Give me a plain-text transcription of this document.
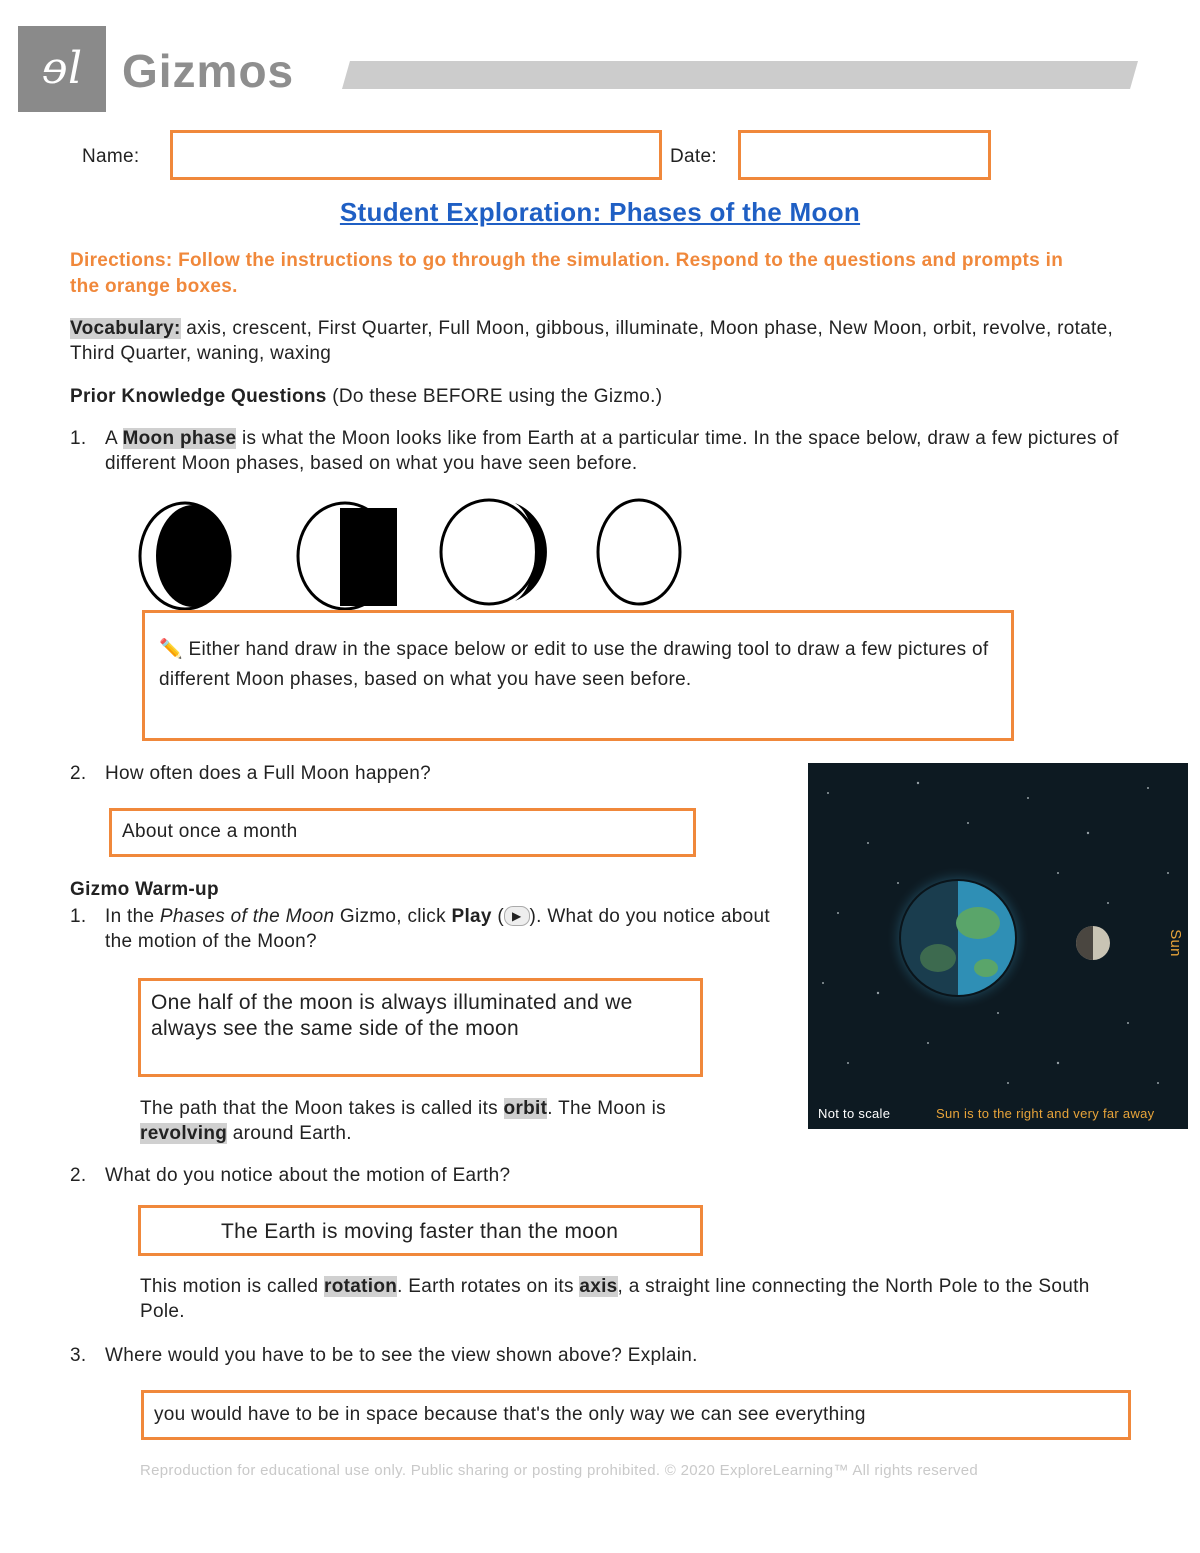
ɘl Gizmos
Name:	Date:
Student Exploration: Phases of the Moon
Directions: Follow the instructions to go through the simulation. Respond to the questions and prompts in the orange boxes.
Vocabulary: axis, crescent, First Quarter, Full Moon, gibbous, illuminate, Moon phase, New Moon, orbit, revolve, rotate, Third Quarter, waning, waxing
Prior Knowledge Questions (Do these BEFORE using the Gizmo.)
1. A Moon phase is what the Moon looks like from Earth at a particular time. In the space below, draw a few pictures of different Moon phases, based on what you have seen before.
✏️ Either hand draw in the space below or edit to use the drawing tool to draw a few pictures of different Moon phases, based on what you have seen before.
2. How often does a Full Moon happen?
About once a month
Sun
Not to scale	Sun is to the right and very far away
Gizmo Warm-up
1. In the Phases of the Moon Gizmo, click Play ( ▶ ). What do you notice about the motion of the Moon?
One half of the moon is always illuminated and we always see the same side of the moon
The path that the Moon takes is called its orbit. The Moon is revolving around Earth.
2. What do you notice about the motion of Earth?
The Earth is moving faster than the moon
This motion is called rotation. Earth rotates on its axis, a straight line connecting the North Pole to the South Pole.
3. Where would you have to be to see the view shown above? Explain.
you would have to be in space because that's the only way we can see everything
Reproduction for educational use only. Public sharing or posting prohibited. © 2020 ExploreLearning™ All rights reserved
